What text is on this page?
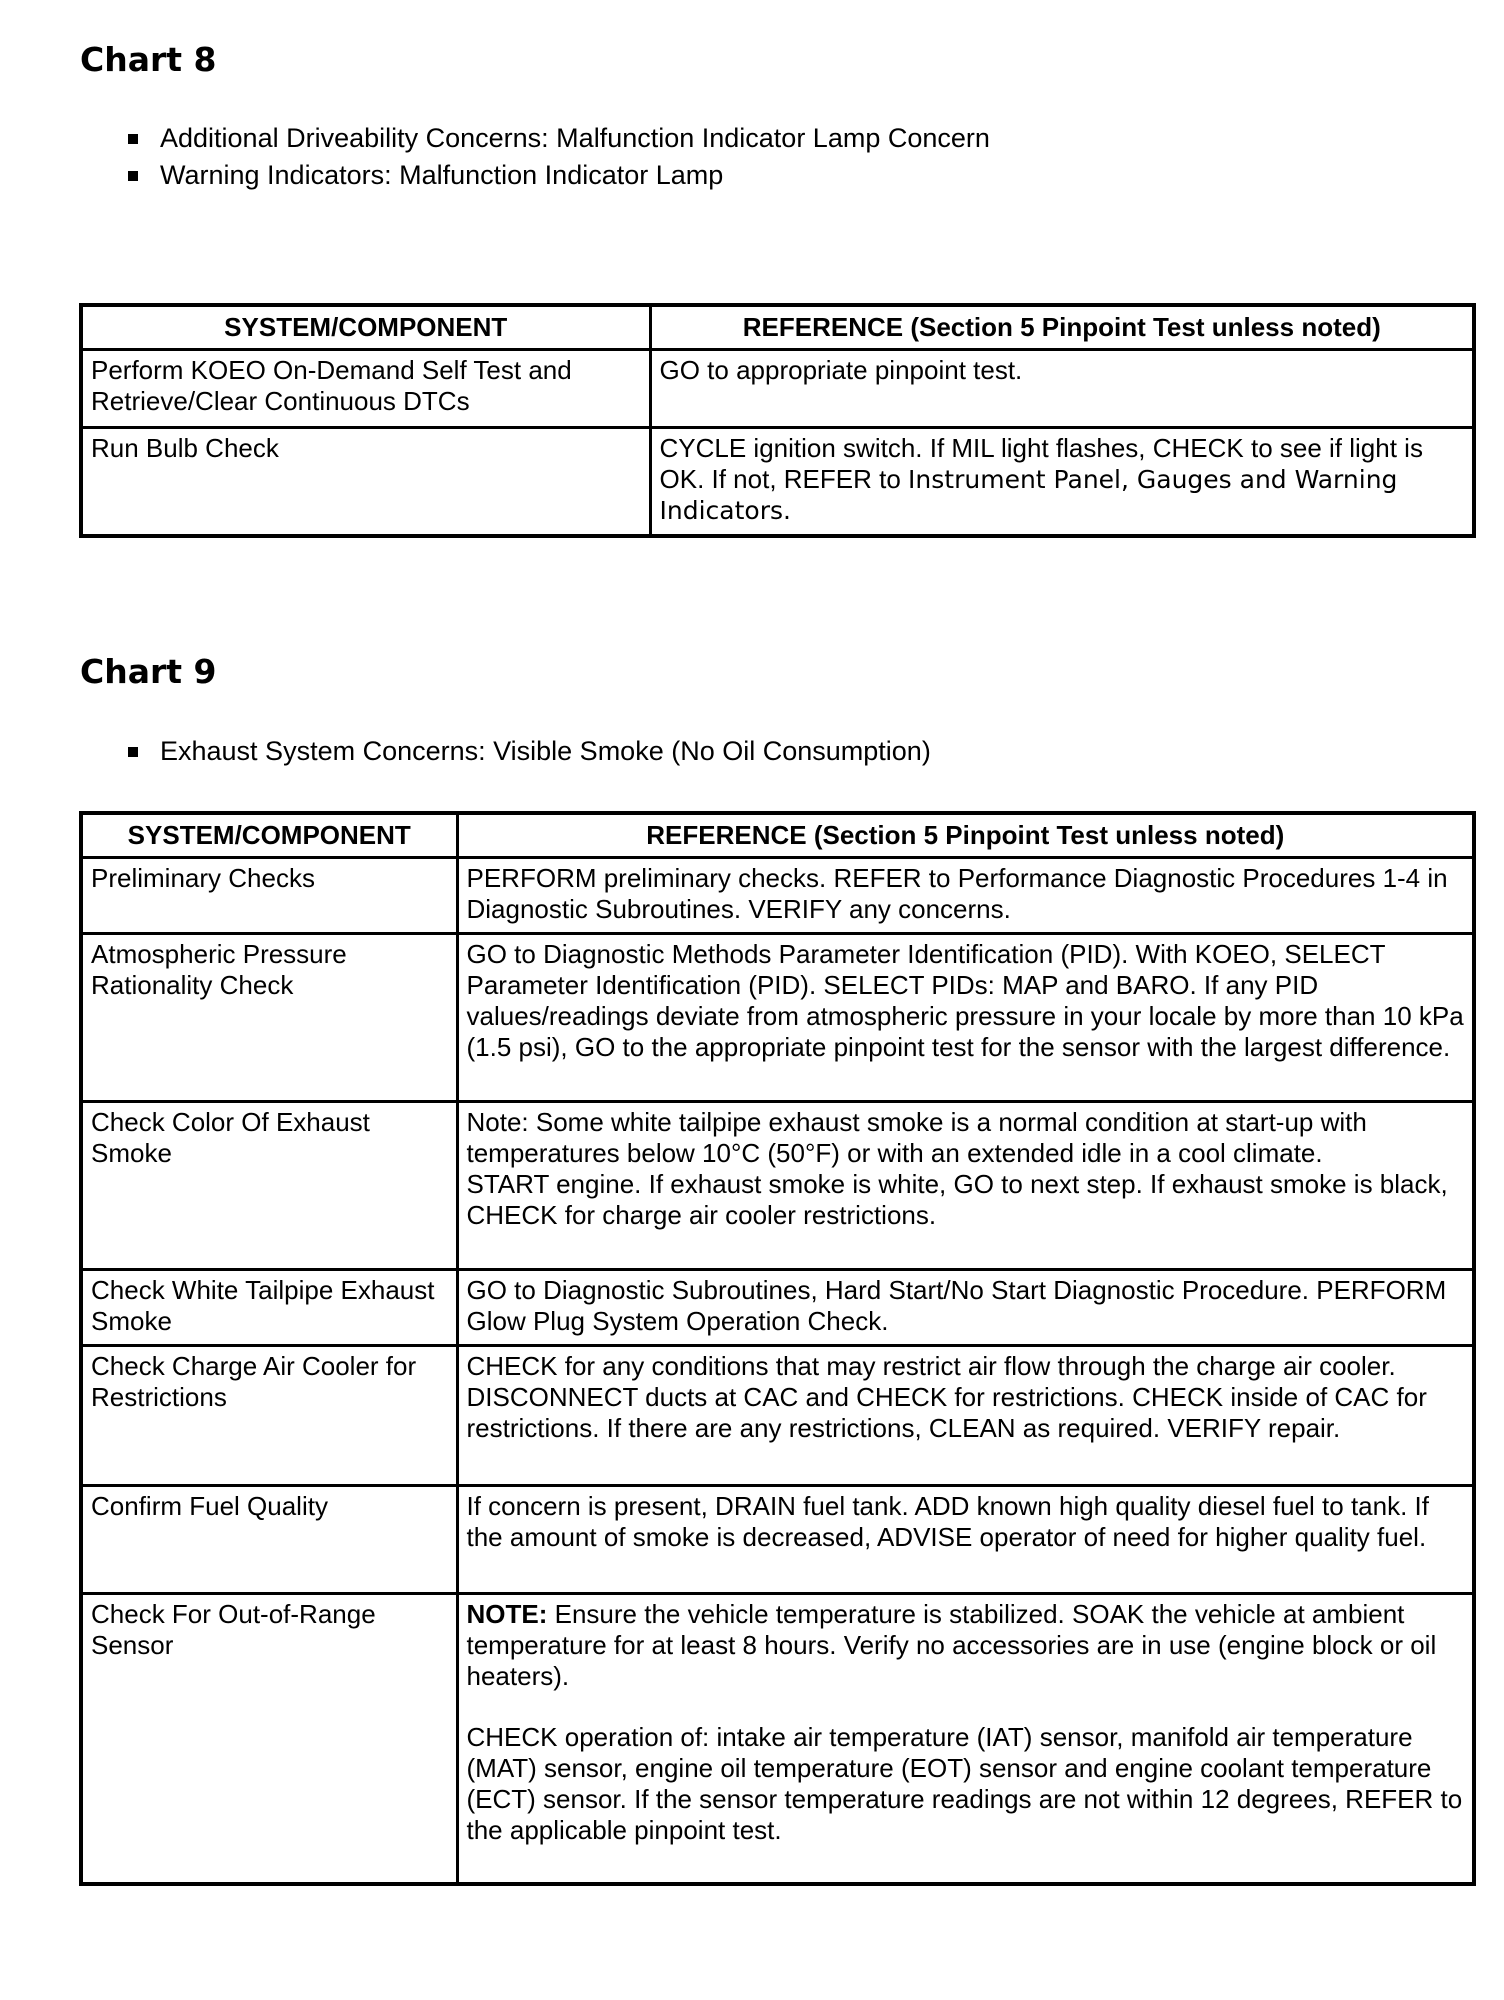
Chart 8
Additional Driveability Concerns: Malfunction Indicator Lamp Concern
Warning Indicators: Malfunction Indicator Lamp
SYSTEM/COMPONENT	REFERENCE (Section 5 Pinpoint Test unless noted)
Perform KOEO On-Demand Self Test and Retrieve/Clear Continuous DTCs	GO to appropriate pinpoint test.
Run Bulb Check	CYCLE ignition switch. If MIL light flashes, CHECK to see if light is OK. If not, REFER to Instrument Panel, Gauges and Warning Indicators.
Chart 9
Exhaust System Concerns: Visible Smoke (No Oil Consumption)
SYSTEM/COMPONENT	REFERENCE (Section 5 Pinpoint Test unless noted)
Preliminary Checks	PERFORM preliminary checks. REFER to Performance Diagnostic Procedures 1-4 in Diagnostic Subroutines. VERIFY any concerns.
Atmospheric Pressure Rationality Check	GO to Diagnostic Methods Parameter Identification (PID). With KOEO, SELECT Parameter Identification (PID). SELECT PIDs: MAP and BARO. If any PID values/readings deviate from atmospheric pressure in your locale by more than 10 kPa (1.5 psi), GO to the appropriate pinpoint test for the sensor with the largest difference.
Check Color Of Exhaust Smoke	Note: Some white tailpipe exhaust smoke is a normal condition at start-up with temperatures below 10°C (50°F) or with an extended idle in a cool climate.
START engine. If exhaust smoke is white, GO to next step. If exhaust smoke is black, CHECK for charge air cooler restrictions.

Check White Tailpipe Exhaust Smoke	GO to Diagnostic Subroutines, Hard Start/No Start Diagnostic Procedure. PERFORM Glow Plug System Operation Check.
Check Charge Air Cooler for Restrictions	CHECK for any conditions that may restrict air flow through the charge air cooler. DISCONNECT ducts at CAC and CHECK for restrictions. CHECK inside of CAC for restrictions. If there are any restrictions, CLEAN as required. VERIFY repair.
Confirm Fuel Quality	If concern is present, DRAIN fuel tank. ADD known high quality diesel fuel to tank. If the amount of smoke is decreased, ADVISE operator of need for higher quality fuel.
Check For Out-of-Range Sensor	NOTE: Ensure the vehicle temperature is stabilized. SOAK the vehicle at ambient temperature for at least 8 hours. Verify no accessories are in use (engine block or oil heaters).
CHECK operation of: intake air temperature (IAT) sensor, manifold air temperature (MAT) sensor, engine oil temperature (EOT) sensor and engine coolant temperature (ECT) sensor. If the sensor temperature readings are not within 12 degrees, REFER to the applicable pinpoint test.
